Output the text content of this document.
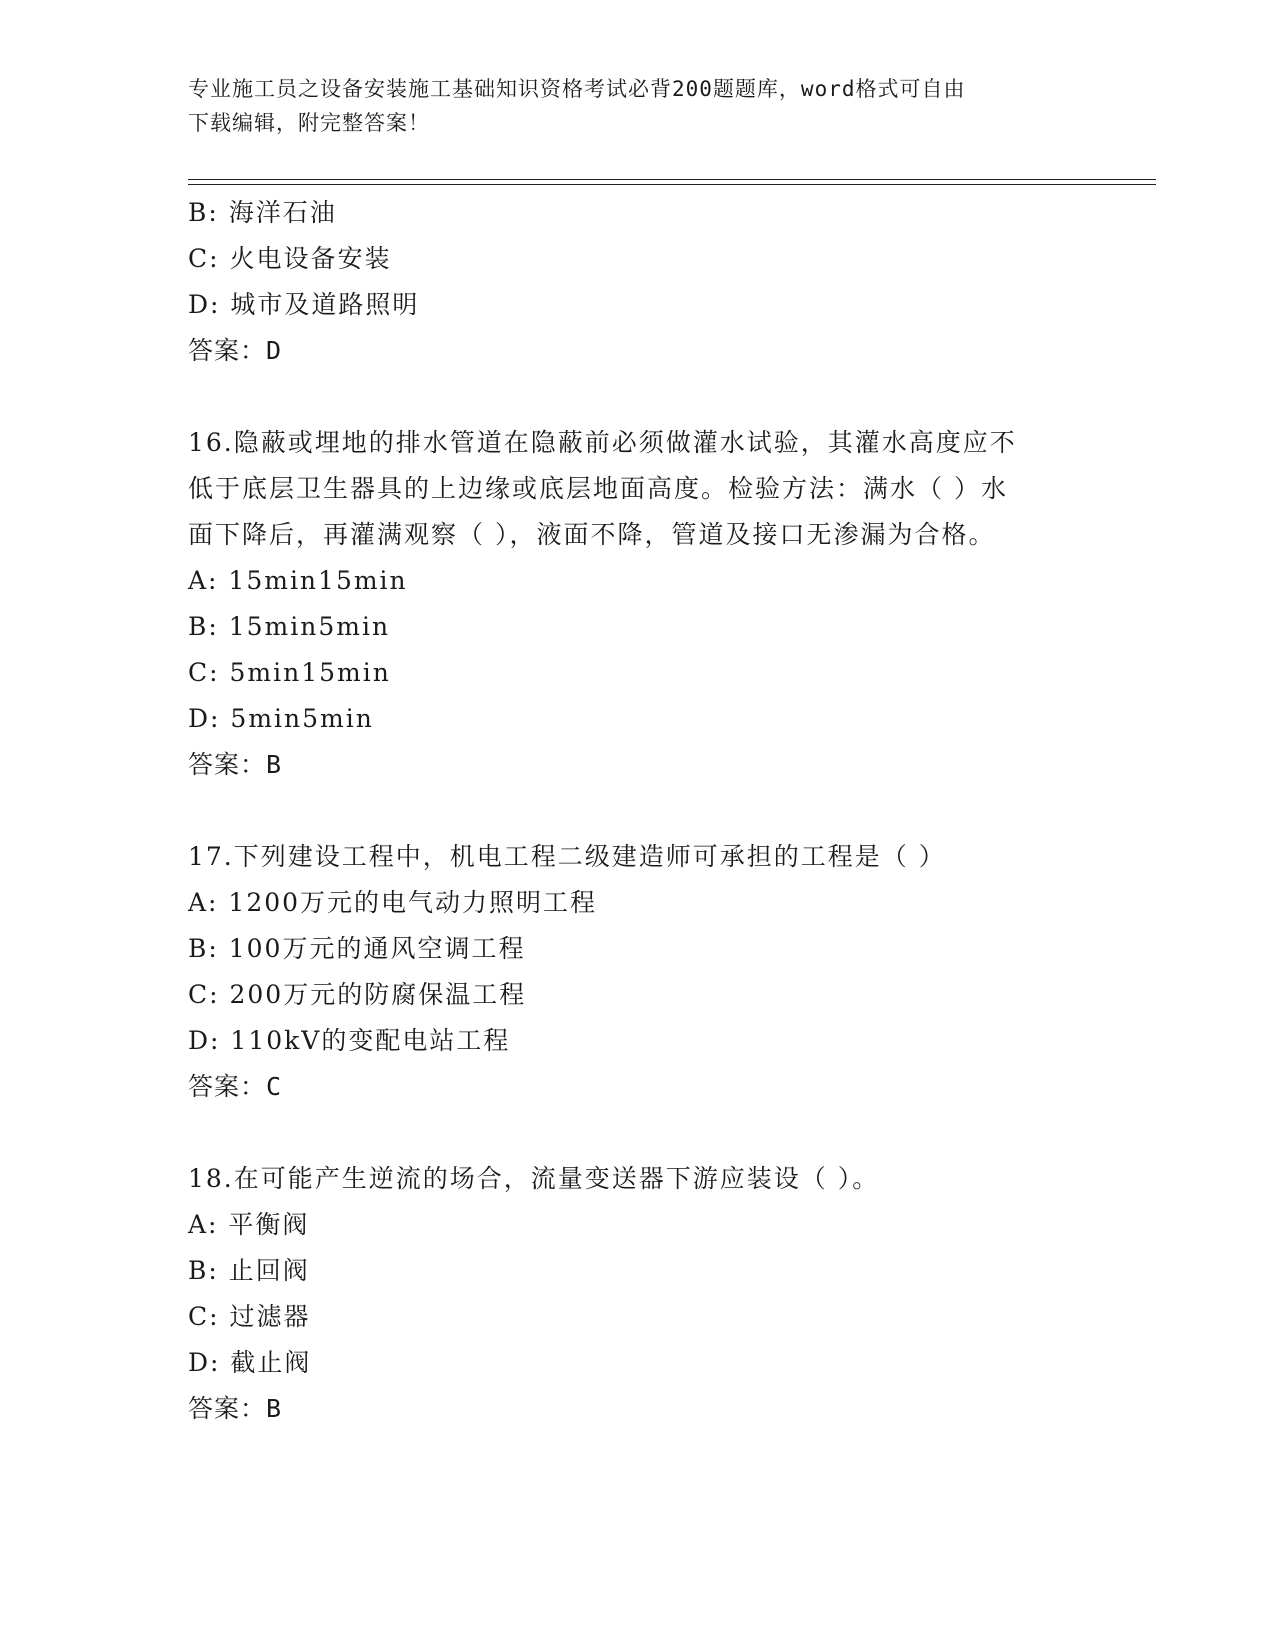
专业施工员之设备安装施工基础知识资格考试必背200题题库，word格式可自由
下载编辑，附完整答案！
B: 海洋石油
C: 火电设备安装
D: 城市及道路照明
答案：D
16.隐蔽或埋地的排水管道在隐蔽前必须做灌水试验，其灌水高度应不
低于底层卫生器具的上边缘或底层地面高度。检验方法：满水（ ）水
面下降后，再灌满观察（ ），液面不降，管道及接口无渗漏为合格。
A: 15min15min
B: 15min5min
C: 5min15min
D: 5min5min
答案：B
17.下列建设工程中，机电工程二级建造师可承担的工程是（ ）
A: 1200万元的电气动力照明工程
B: 100万元的通风空调工程
C: 200万元的防腐保温工程
D: 110kV的变配电站工程
答案：C
18.在可能产生逆流的场合，流量变送器下游应装设（ ）。
A: 平衡阀
B: 止回阀
C: 过滤器
D: 截止阀
答案：B
